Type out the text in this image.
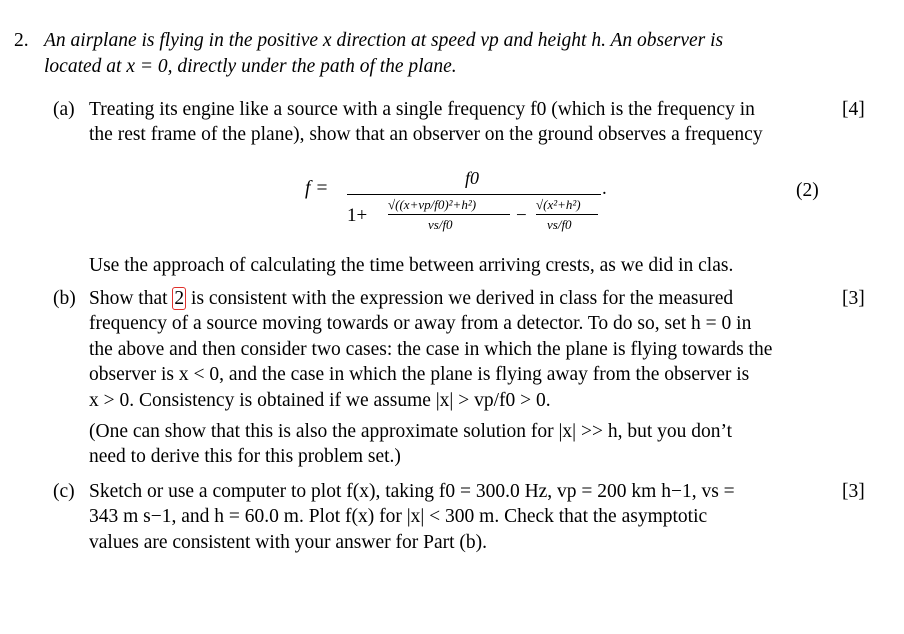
2. An airplane is flying in the positive x direction at speed vp and height h. An observer is
located at x = 0, directly under the path of the plane.
(a)	[4]
Treating its engine like a source with a single frequency f0 (which is the frequency in
the rest frame of the plane), show that an observer on the ground observes a frequency
f =	f0
1+
√((x+vp/f0)²+h²)
vs/f0	−
√(x²+h²)
vs/f0
.	(2)
Use the approach of calculating the time between arriving crests, as we did in clas.
(b)	[3]
Show that 2 is consistent with the expression we derived in class for the measured
frequency of a source moving towards or away from a detector. To do so, set h = 0 in
the above and then consider two cases: the case in which the plane is flying towards the
observer is x < 0, and the case in which the plane is flying away from the observer is
x > 0. Consistency is obtained if we assume |x| > vp/f0 > 0.
(One can show that this is also the approximate solution for |x| >> h, but you don’t
need to derive this for this problem set.)
(c)	[3]
Sketch or use a computer to plot f(x), taking f0 = 300.0 Hz, vp = 200 km h−1, vs =
343 m s−1, and h = 60.0 m. Plot f(x) for |x| < 300 m. Check that the asymptotic
values are consistent with your answer for Part (b).
